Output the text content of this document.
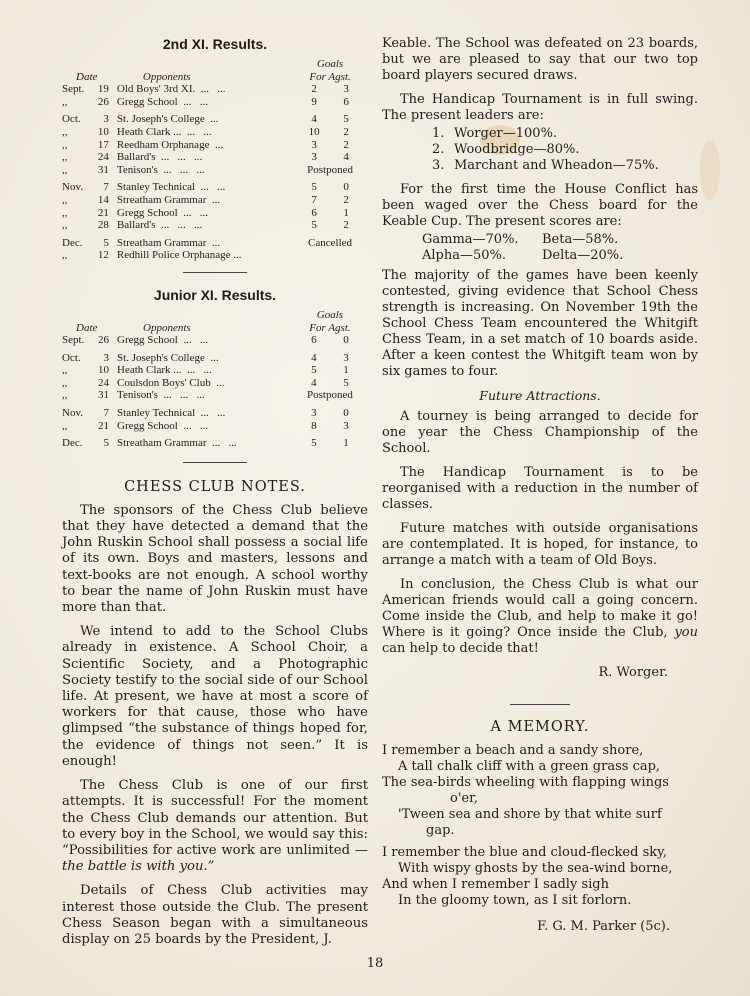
2nd XI. Results.
			Goals	
Date		Opponents	For Agst.	
Sept.	19	Old Boys' 3rd XI.  ...   ...	2	3
,,	26	Gregg School  ...   ...	9	6

Oct.	3	St. Joseph's College  ...	4	5
,,	10	Heath Clark ...  ...   ...	10	2
,,	17	Reedham Orphanage  ...	3	2
,,	24	Ballard's  ...   ...   ...	3	4
,,	31	Tenison's  ...   ...   ...	Postponed	

Nov.	7	Stanley Technical  ...   ...	5	0
,,	14	Streatham Grammar  ...	7	2
,,	21	Gregg School  ...   ...	6	1
,,	28	Ballard's  ...   ...   ...	5	2

Dec.	5	Streatham Grammar  ...	Cancelled	
,,	12	Redhill Police Orphanage ...		
Junior XI. Results.
			Goals	
Date		Opponents	For Agst.	
Sept.	26	Gregg School  ...   ...	6	0

Oct.	3	St. Joseph's College  ...	4	3
,,	10	Heath Clark ...  ...   ...	5	1
,,	24	Coulsdon Boys' Club  ...	4	5
,,	31	Tenison's  ...   ...   ...	Postponed	

Nov.	7	Stanley Technical  ...   ...	3	0
,,	21	Gregg School  ...   ...	8	3

Dec.	5	Streatham Grammar  ...   ...	5	1
CHESS CLUB NOTES.

The sponsors of the Chess Club believe that they have detected a demand that the John Ruskin School shall possess a social life of its own. Boys and masters, lessons and text-books are not enough. A school worthy to bear the name of John Ruskin must have more than that.

We intend to add to the School Clubs already in existence. A School Choir, a Scientific Society, and a Photographic Society testify to the social side of our School life. At present, we have at most a score of workers for that cause, those who have glimpsed “the substance of things hoped for, the evidence of things not seen.” It is enough!

The Chess Club is one of our first attempts. It is successful! For the moment the Chess Club demands our attention. But to every boy in the School, we would say this: “Possibilities for active work are unlimited —the battle is with you.”

Details of Chess Club activities may interest those outside the Club. The present Chess Season began with a simultaneous display on 25 boards by the President, J.

Keable. The School was defeated on 23 boards, but we are pleased to say that our two top board players secured draws.

The Handicap Tournament is in full swing. The present leaders are:

1. Worger—100%.
2. Woodbridge—80%.
3. Marchant and Wheadon—75%.

For the first time the House Conflict has been waged over the Chess board for the Keable Cup. The present scores are:

Gamma—70%.	Beta—58%.
Alpha—50%.	Delta—20%.

The majority of the games have been keenly contested, giving evidence that School Chess strength is increasing. On November 19th the School Chess Team encountered the Whitgift Chess Team, in a set match of 10 boards aside. After a keen contest the Whitgift team won by six games to four.

Future Attractions.

A tourney is being arranged to decide for one year the Chess Championship of the School.

The Handicap Tournament is to be reorganised with a reduction in the number of classes.

Future matches with outside organisations are contemplated. It is hoped, for instance, to arrange a match with a team of Old Boys.

In conclusion, the Chess Club is what our American friends would call a going concern. Come inside the Club, and help to make it go! Where is it going? Once inside the Club, you can help to decide that!

R. Worger.
A MEMORY.
I remember a beach and a sandy shore,
A tall chalk cliff with a green grass cap,
The sea-birds wheeling with flapping wings
o'er,
'Tween sea and shore by that white surf
gap.
I remember the blue and cloud-flecked sky,
With wispy ghosts by the sea-wind borne,
And when I remember I sadly sigh
In the gloomy town, as I sit forlorn.
F. G. M. Parker (5c).
18
